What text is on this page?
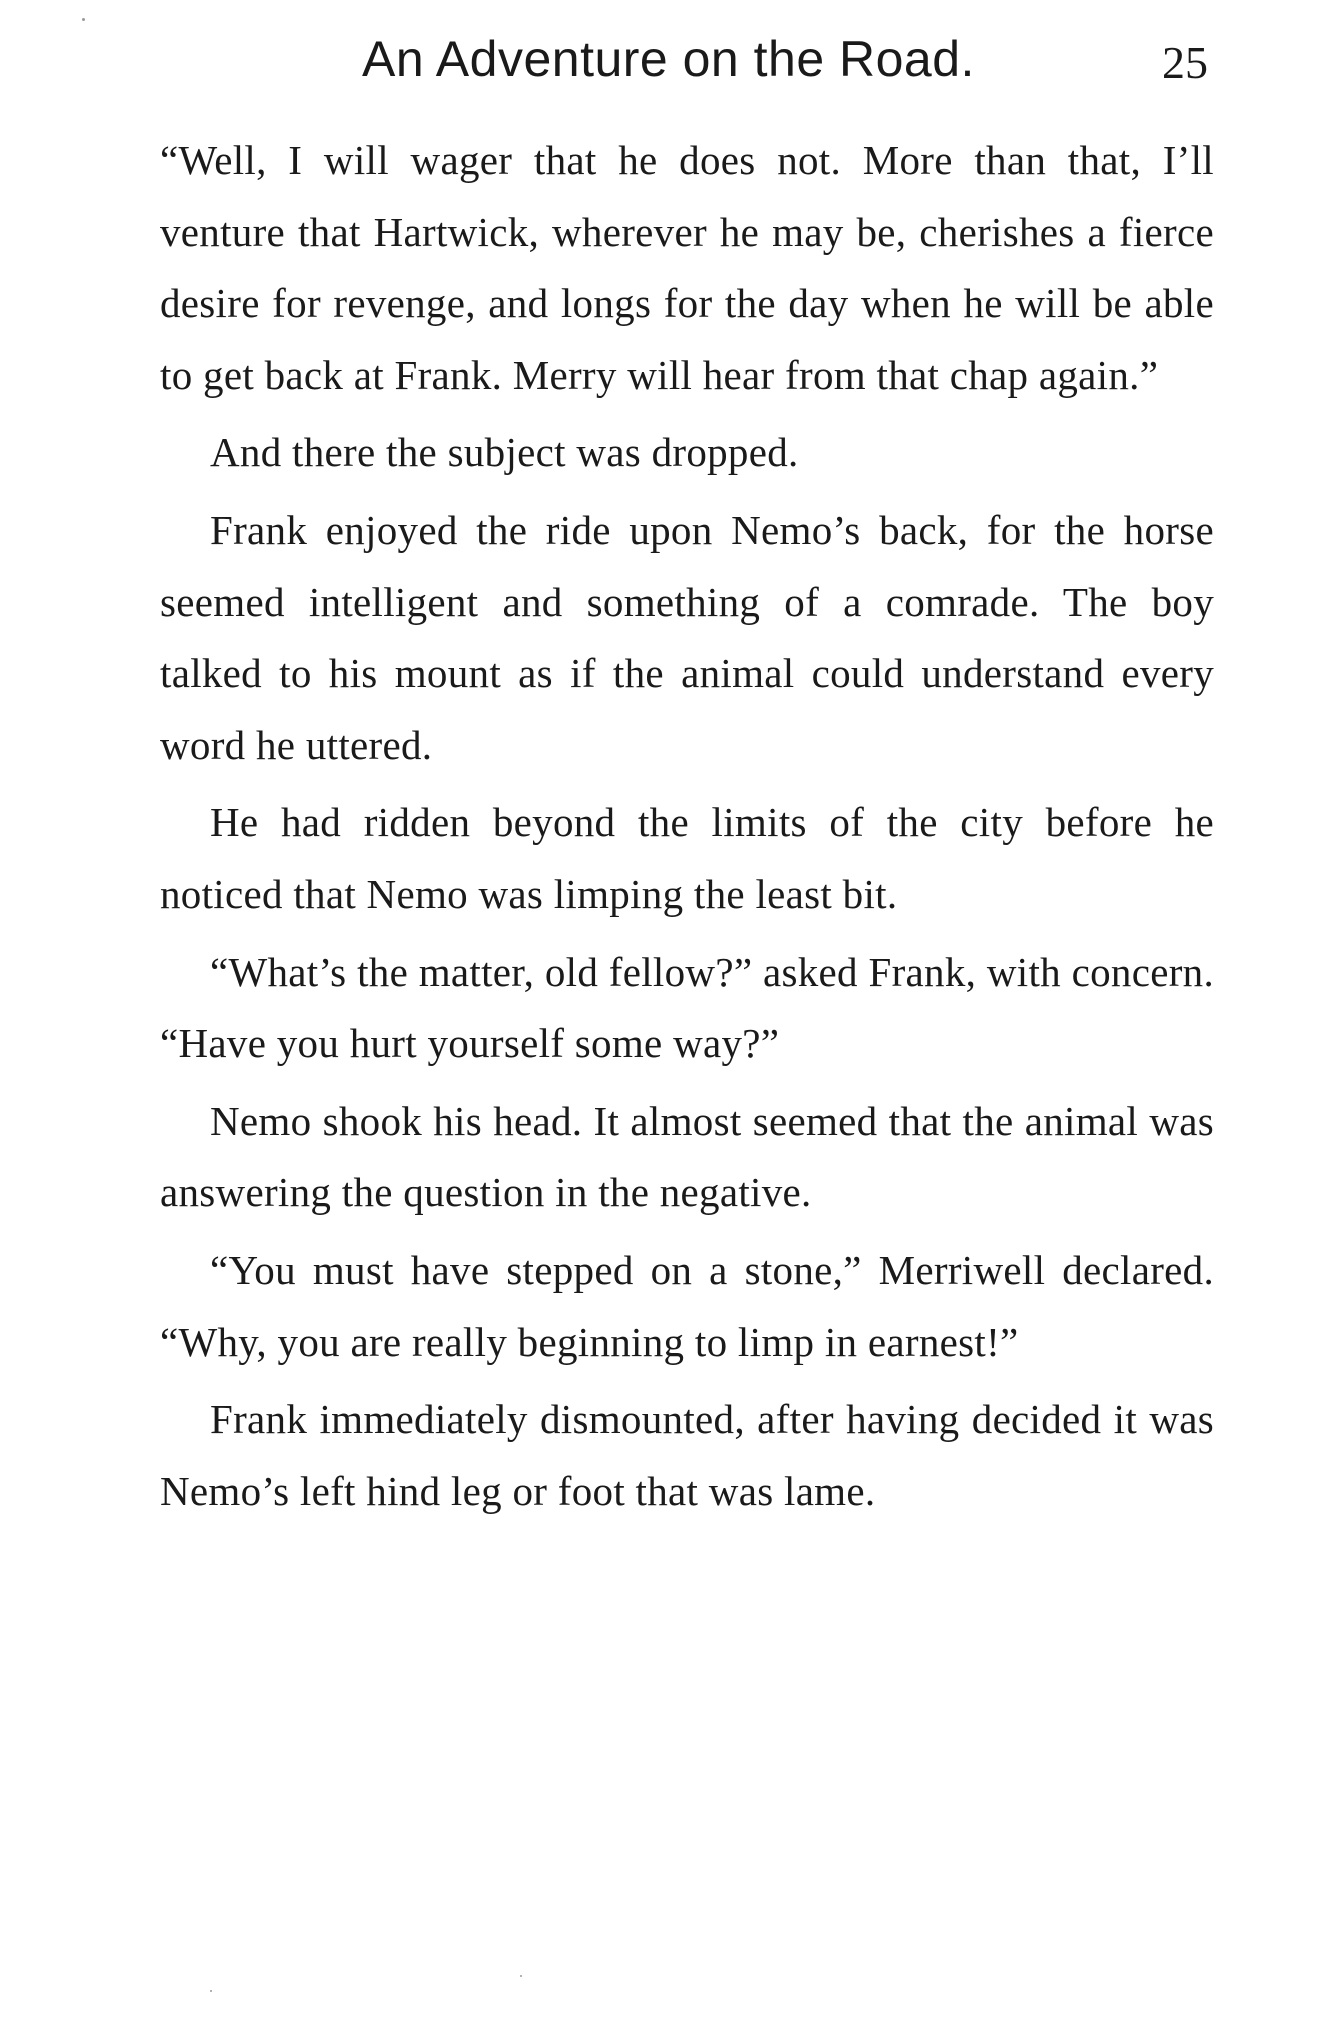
An Adventure on the Road.	25

“Well, I will wager that he does not. More than that, I’ll venture that Hartwick, wherever he may be, cherishes a fierce desire for revenge, and longs for the day when he will be able to get back at Frank. Merry will hear from that chap again.”

And there the subject was dropped.

Frank enjoyed the ride upon Nemo’s back, for the horse seemed intelligent and something of a comrade. The boy talked to his mount as if the animal could understand every word he uttered.

He had ridden beyond the limits of the city before he noticed that Nemo was limping the least bit.

“What’s the matter, old fellow?” asked Frank, with concern. “Have you hurt yourself some way?”

Nemo shook his head. It almost seemed that the animal was answering the question in the negative.

“You must have stepped on a stone,” Merriwell declared. “Why, you are really beginning to limp in earnest!”

Frank immediately dismounted, after having decided it was Nemo’s left hind leg or foot that was lame.
